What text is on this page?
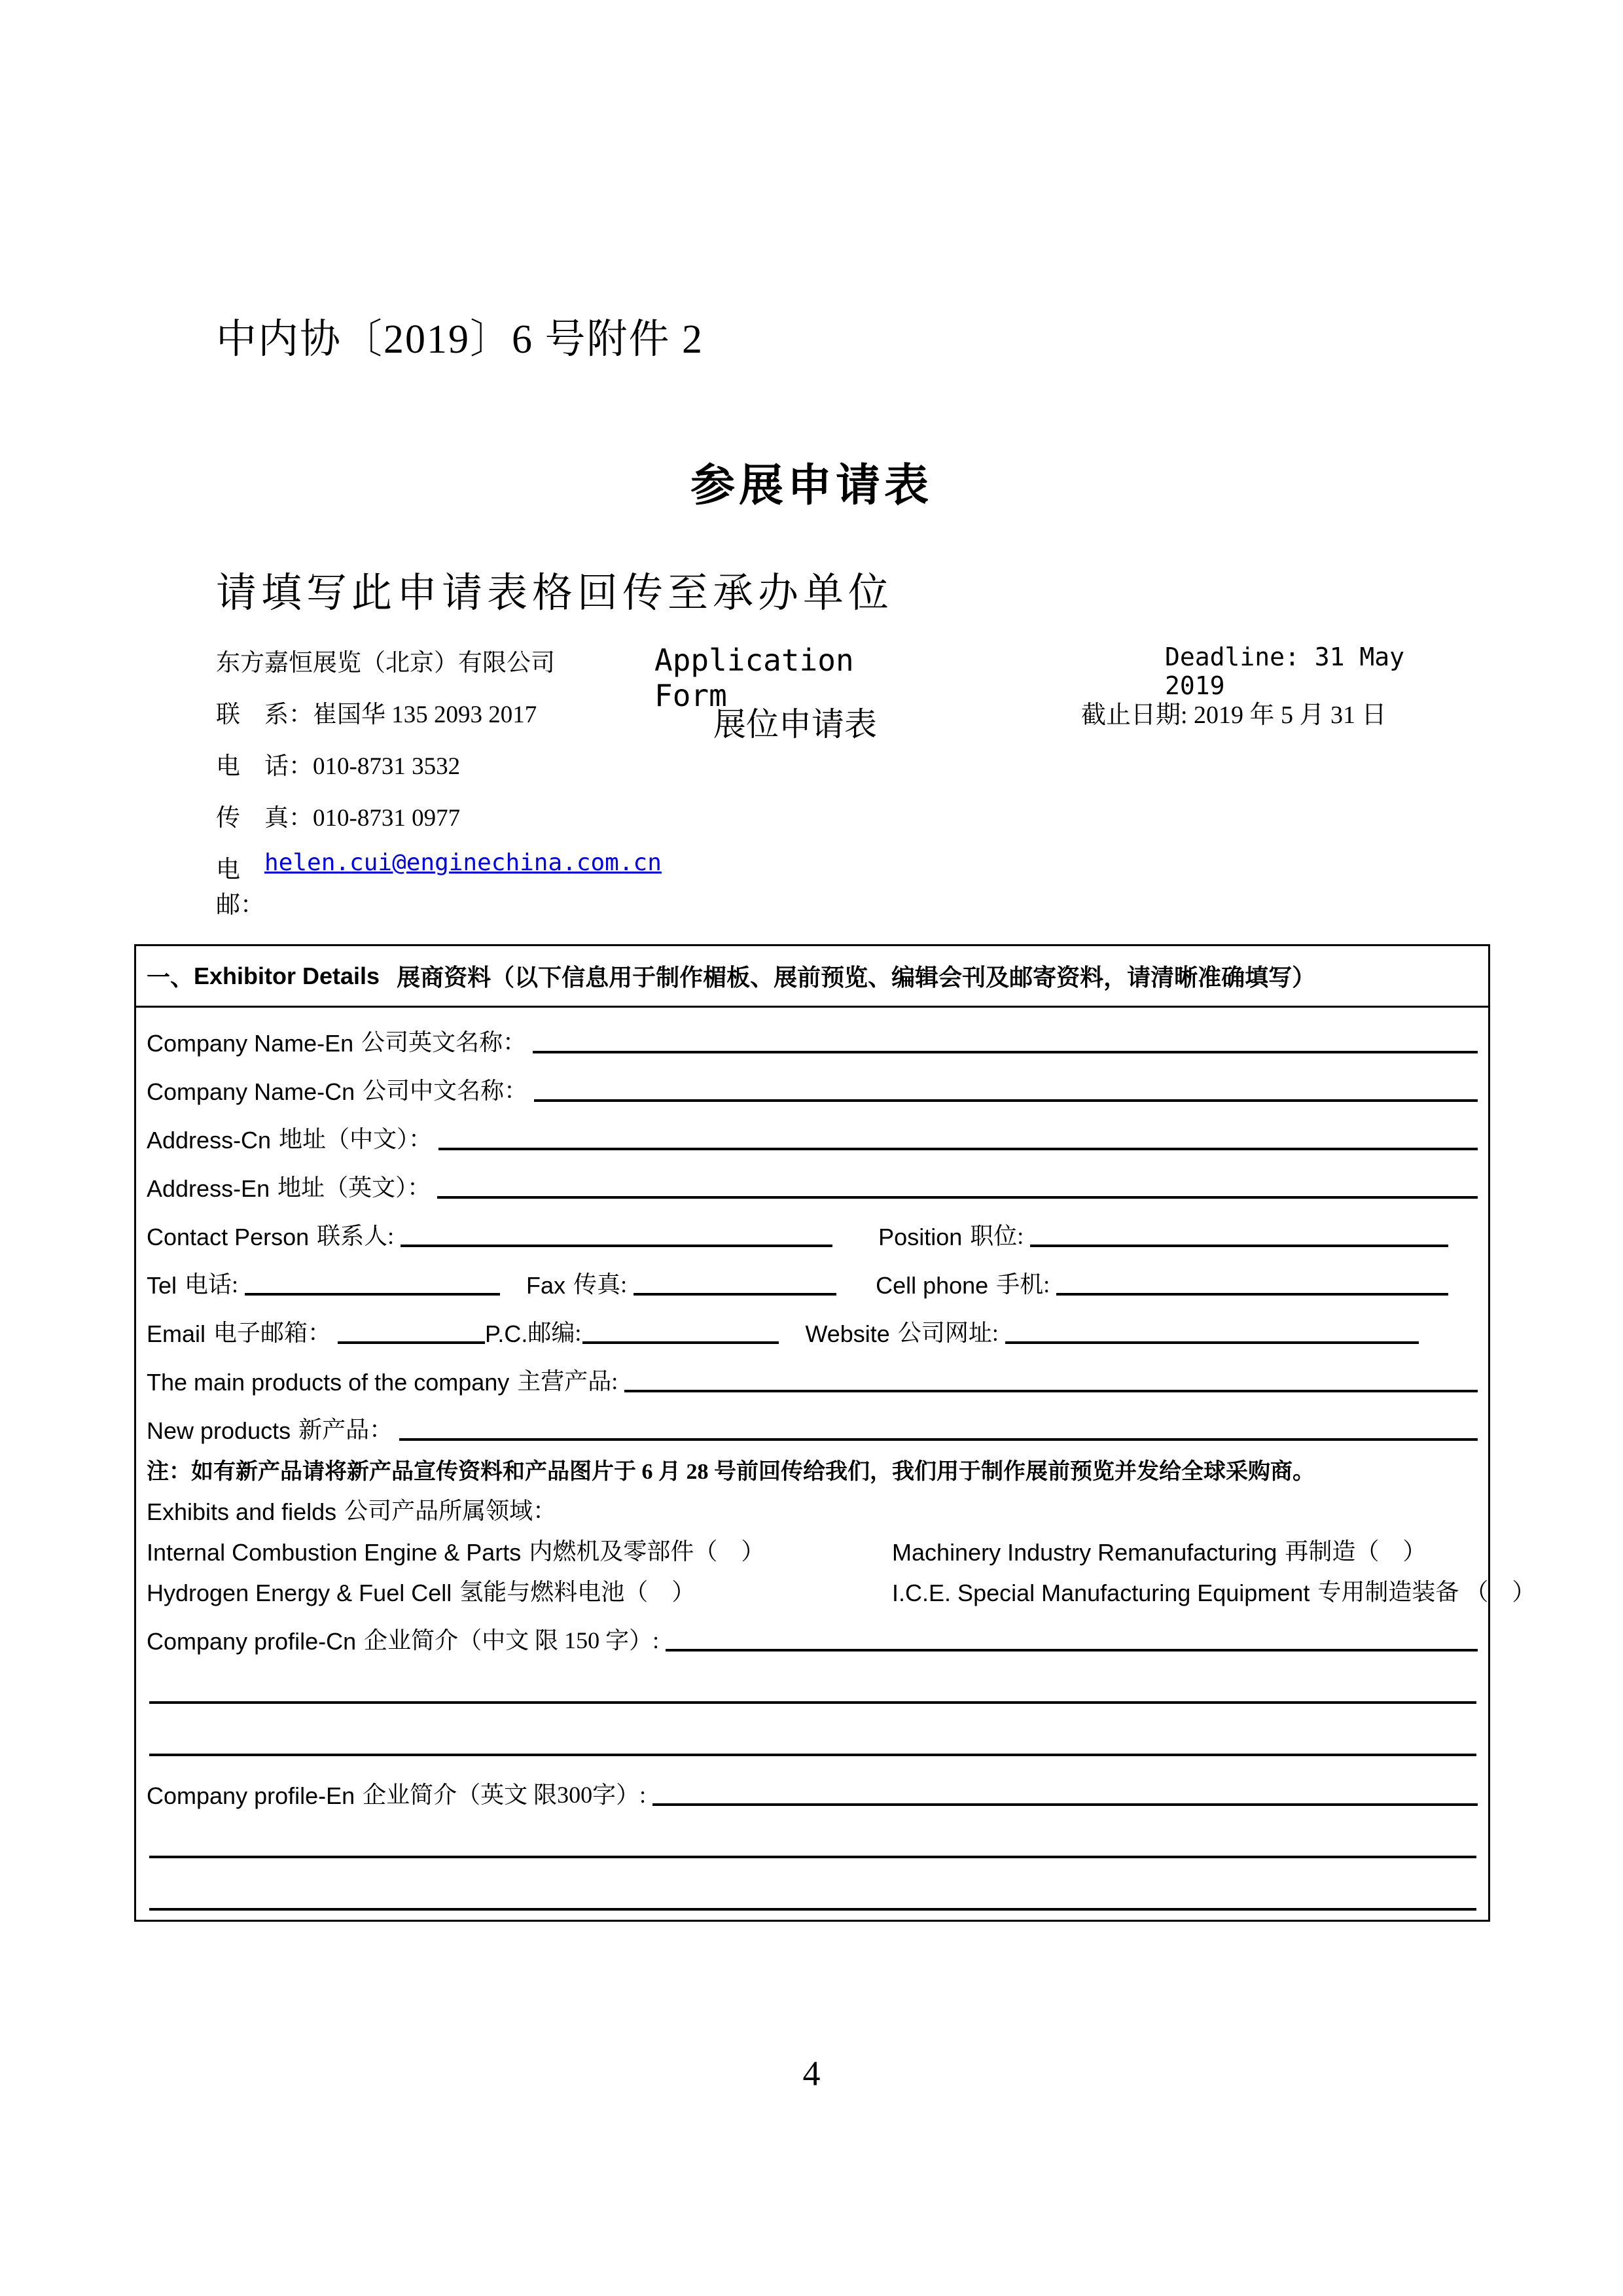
中内协〔2019〕6 号附件 2
参展申请表
请填写此申请表格回传至承办单位
东方嘉恒展览（北京）有限公司	Application Form
Deadline: 31 May 2019
联　系：崔国华 135 2093 2017	展位申请表	截止日期: 2019 年 5 月 31 日
电　话：010-8731 3532
传　真：010-8731 0977
电　邮：
helen.cui@enginechina.com.cn
一、 Exhibitor Details 展商资料（以下信息用于制作楣板、展前预览、编辑会刊及邮寄资料，请清晰准确填写）
Company Name-En 公司英文名称：
Company Name-Cn 公司中文名称：
Address-Cn 地址（中文）：
Address-En 地址（英文）：
Contact Person 联系人:	Position 职位:
Tel 电话:	Fax 传真:	Cell phone 手机:
Email 电子邮箱：	P.C. 邮编:	Website 公司网址:
The main products of the company 主营产品:
New products 新产品：
注：如有新产品请将新产品宣传资料和产品图片于 6 月 28 号前回传给我们，我们用于制作展前预览并发给全球采购商。
Exhibits and fields 公司产品所属领域：
Internal Combustion Engine & Parts 内燃机及零部件（　）	Machinery Industry Remanufacturing 再制造（　）
Hydrogen Energy & Fuel Cell 氢能与燃料电池（　）	I.C.E. Special Manufacturing Equipment 专用制造装备 （　）
Company profile-Cn 企业简介（中文 限 150 字）:
Company profile-En 企业简介（英文 限300字）:
4
